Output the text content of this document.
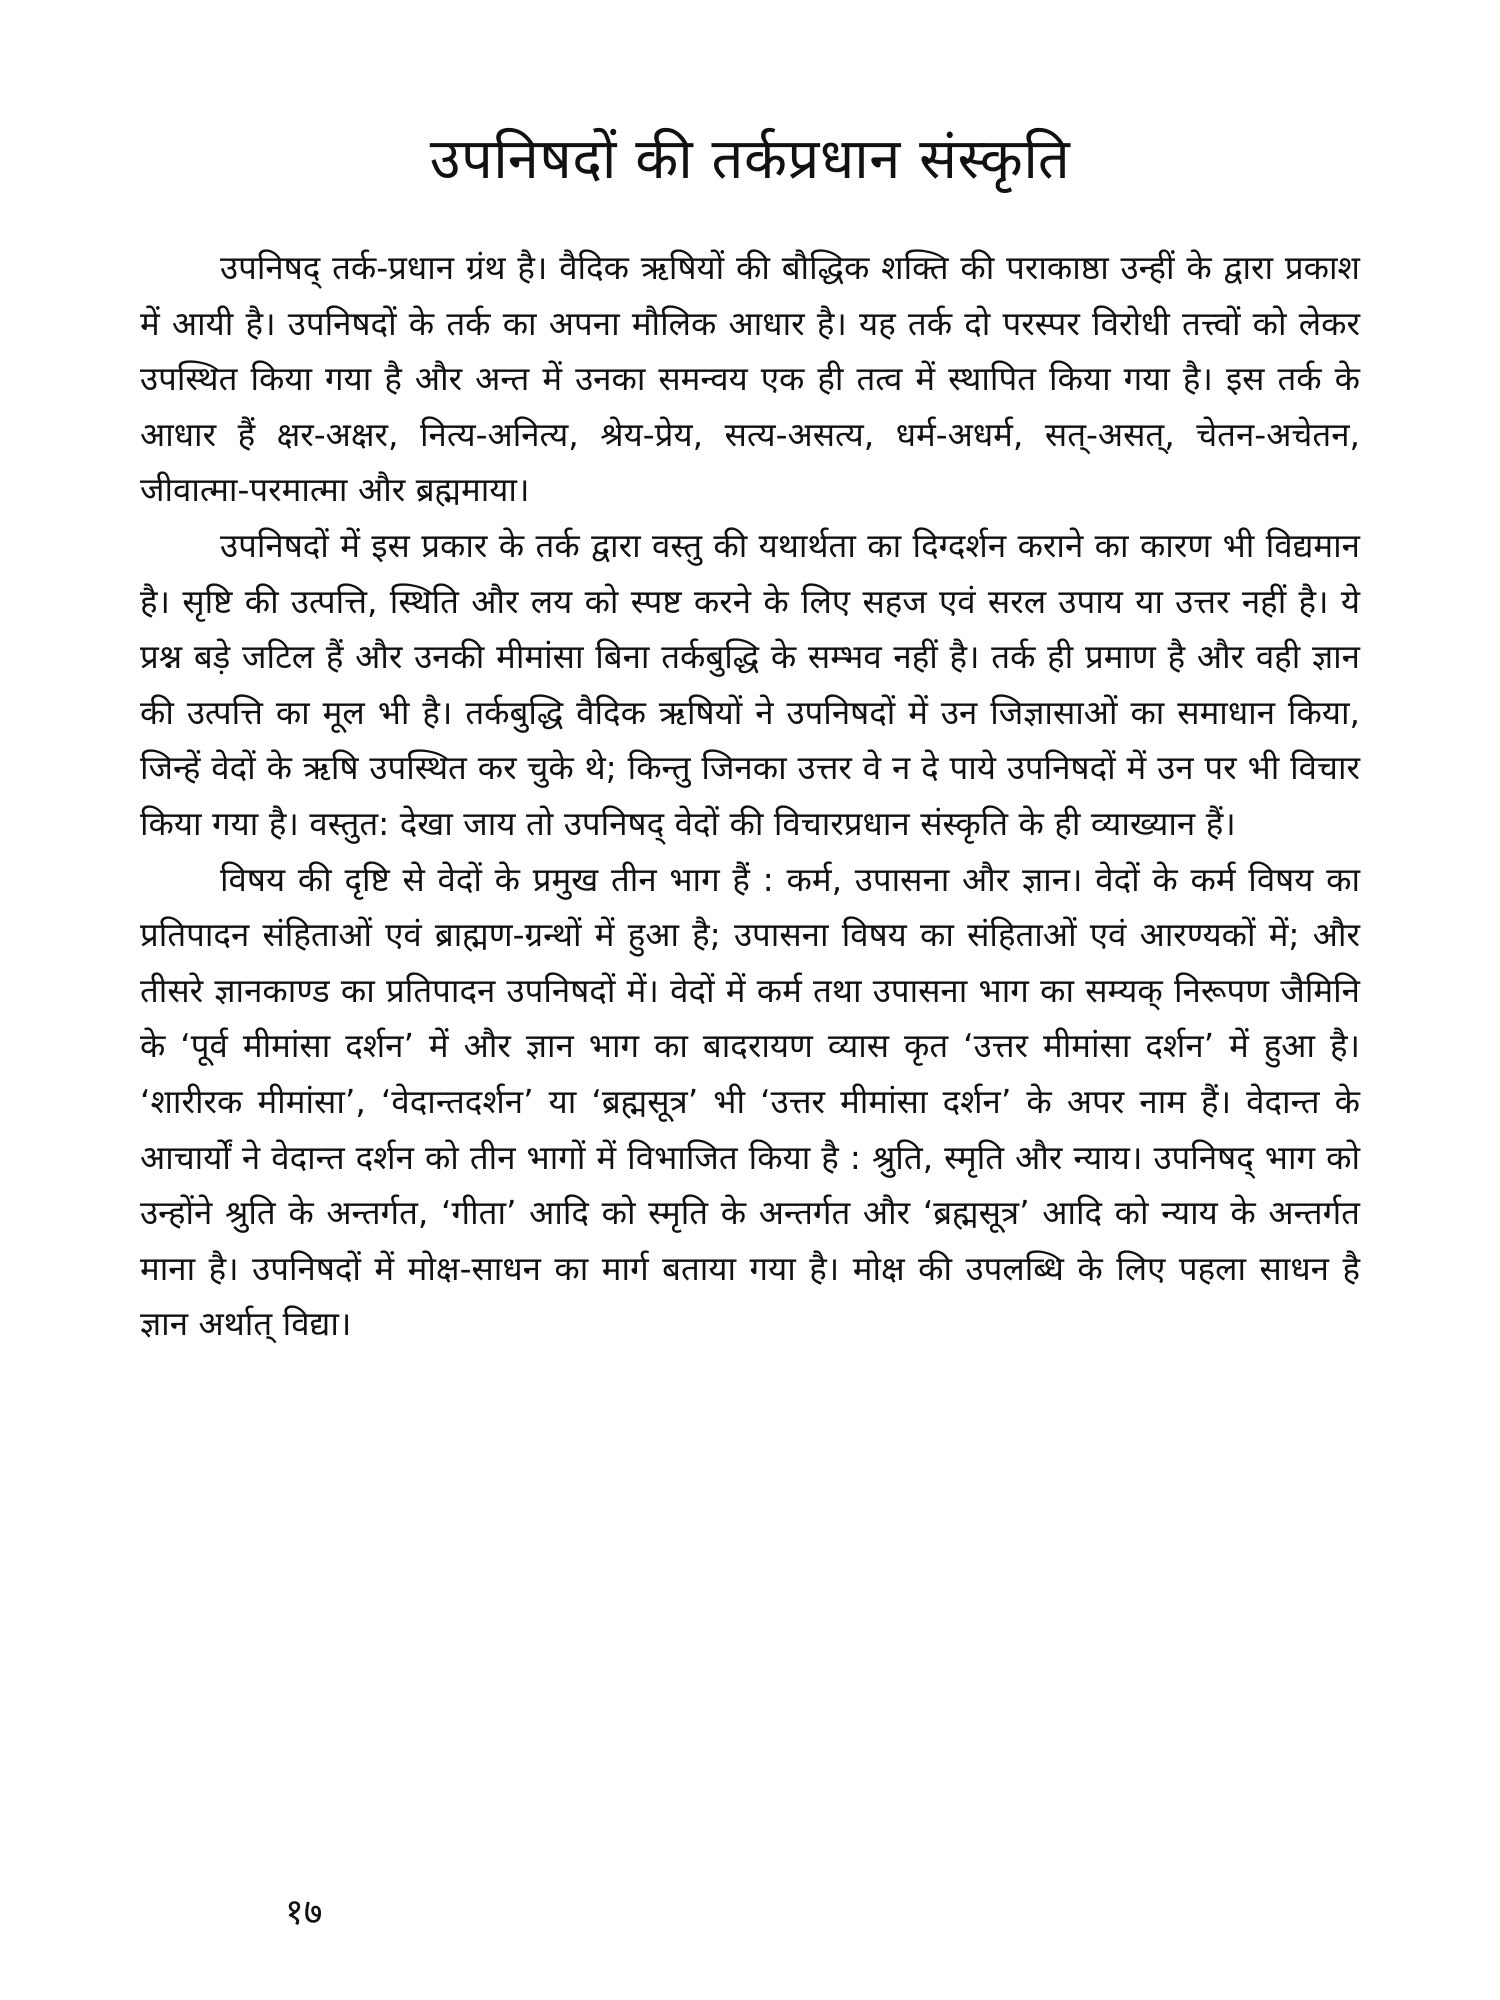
उपनिषदों की तर्कप्रधान संस्कृति

उपनिषद् तर्क-प्रधान ग्रंथ है। वैदिक ऋषियों की बौद्धिक शक्ति की पराकाष्ठा उन्हीं के द्वारा प्रकाश में आयी है। उपनिषदों के तर्क का अपना मौलिक आधार है। यह तर्क दो परस्पर विरोधी तत्त्वों को लेकर उपस्थित किया गया है और अन्त में उनका समन्वय एक ही तत्व में स्थापित किया गया है। इस तर्क के आधार हैं क्षर-अक्षर, नित्य-अनित्य, श्रेय-प्रेय, सत्य-असत्य, धर्म-अधर्म, सत्-असत्, चेतन-अचेतन, जीवात्मा-परमात्मा और ब्रह्ममाया।

उपनिषदों में इस प्रकार के तर्क द्वारा वस्तु की यथार्थता का दिग्दर्शन कराने का कारण भी विद्यमान है। सृष्टि की उत्पत्ति, स्थिति और लय को स्पष्ट करने के लिए सहज एवं सरल उपाय या उत्तर नहीं है। ये प्रश्न बड़े जटिल हैं और उनकी मीमांसा बिना तर्कबुद्धि के सम्भव नहीं है। तर्क ही प्रमाण है और वही ज्ञान की उत्पत्ति का मूल भी है। तर्कबुद्धि वैदिक ऋषियों ने उपनिषदों में उन जिज्ञासाओं का समाधान किया, जिन्हें वेदों के ऋषि उपस्थित कर चुके थे; किन्तु जिनका उत्तर वे न दे पाये उपनिषदों में उन पर भी विचार किया गया है। वस्तुत: देखा जाय तो उपनिषद् वेदों की विचारप्रधान संस्कृति के ही व्याख्यान हैं।

विषय की दृष्टि से वेदों के प्रमुख तीन भाग हैं : कर्म, उपासना और ज्ञान। वेदों के कर्म विषय का प्रतिपादन संहिताओं एवं ब्राह्मण-ग्रन्थों में हुआ है; उपासना विषय का संहिताओं एवं आरण्यकों में; और तीसरे ज्ञानकाण्ड का प्रतिपादन उपनिषदों में। वेदों में कर्म तथा उपासना भाग का सम्यक् निरूपण जैमिनि के ‘पूर्व मीमांसा दर्शन’ में और ज्ञान भाग का बादरायण व्यास कृत ‘उत्तर मीमांसा दर्शन’ में हुआ है। ‘शारीरक मीमांसा’, ‘वेदान्तदर्शन’ या ‘ब्रह्मसूत्र’ भी ‘उत्तर मीमांसा दर्शन’ के अपर नाम हैं। वेदान्त के आचार्यों ने वेदान्त दर्शन को तीन भागों में विभाजित किया है : श्रुति, स्मृति और न्याय। उपनिषद् भाग को उन्होंने श्रुति के अन्तर्गत, ‘गीता’ आदि को स्मृति के अन्तर्गत और ‘ब्रह्मसूत्र’ आदि को न्याय के अन्तर्गत माना है। उपनिषदों में मोक्ष-साधन का मार्ग बताया गया है। मोक्ष की उपलब्धि के लिए पहला साधन है ज्ञान अर्थात् विद्या।

१७
